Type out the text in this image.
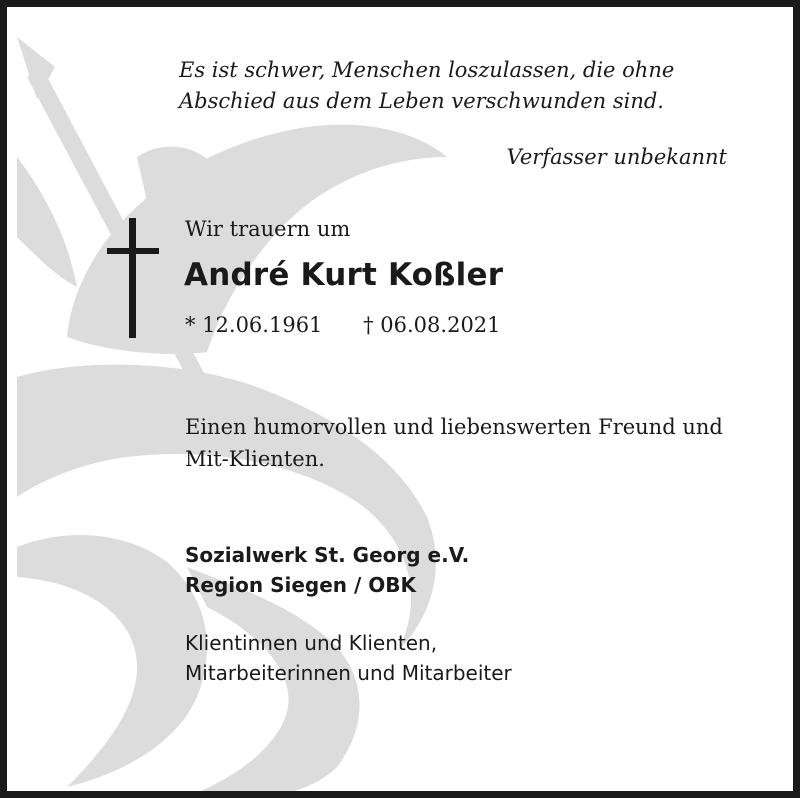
Es ist schwer, Menschen loszulassen, die ohne
Abschied aus dem Leben verschwunden sind.
Verfasser unbekannt
Wir trauern um
André Kurt Koßler
* 12.06.1961 † 06.08.2021
Einen humorvollen und liebenswerten Freund und
Mit-Klienten.
Sozialwerk St. Georg e.V.
Region Siegen / OBK
Klientinnen und Klienten,
Mitarbeiterinnen und Mitarbeiter
